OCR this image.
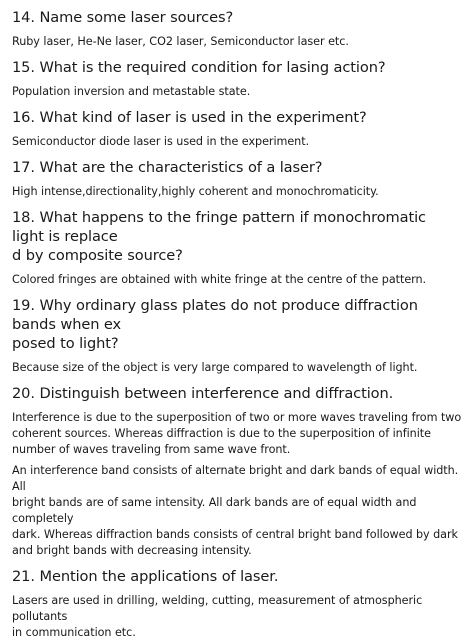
14. Name some laser sources?
Ruby laser, He-Ne laser, CO2 laser, Semiconductor laser etc.
15. What is the required condition for lasing action?
Population inversion and metastable state.
16. What kind of laser is used in the experiment?
Semiconductor diode laser is used in the experiment.
17. What are the characteristics of a laser?
High intense,directionality,highly coherent and monochromaticity.
18. What happens to the fringe pattern if monochromatic light is replace
d by composite source?
Colored fringes are obtained with white fringe at the centre of the pattern.
19. Why ordinary glass plates do not produce diffraction bands when ex
posed to light?
Because size of the object is very large compared to wavelength of light.
20. Distinguish between interference and diffraction.
Interference is due to the superposition of two or more waves traveling from two
coherent sources. Whereas diffraction is due to the superposition of infinite
number of waves traveling from same wave front.
An interference band consists of alternate bright and dark bands of equal width. All
bright bands are of same intensity. All dark bands are of equal width and completely
dark. Whereas diffraction bands consists of central bright band followed by dark
and bright bands with decreasing intensity.
21. Mention the applications of laser.
Lasers are used in drilling, welding, cutting, measurement of atmospheric pollutants
in communication etc.
